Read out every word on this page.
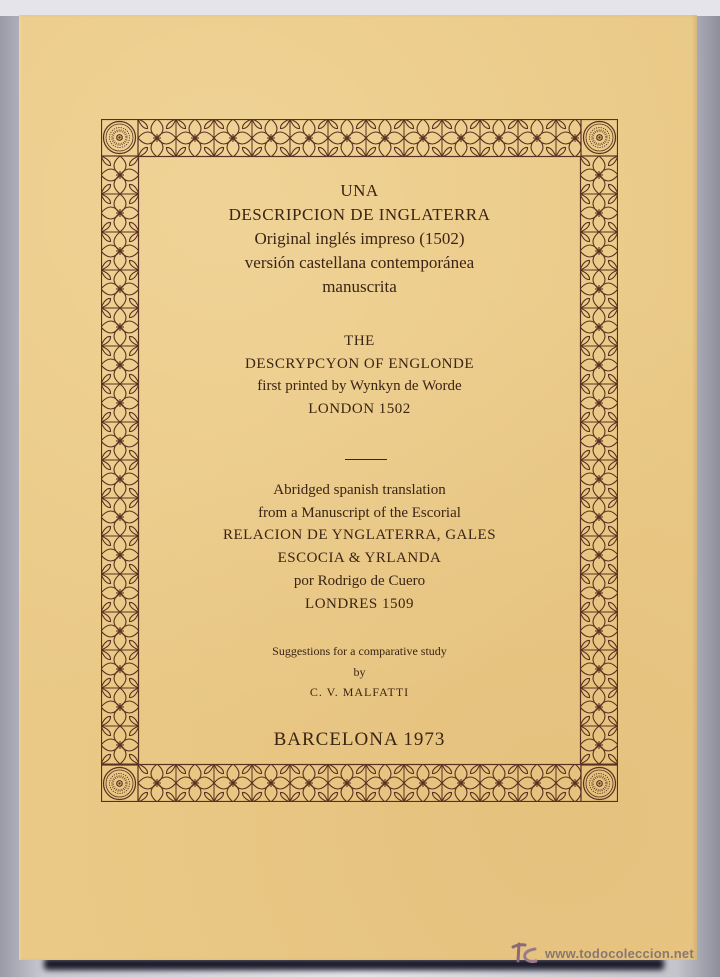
UNA
DESCRIPCION DE INGLATERRA
Original inglés impreso (1502)
versión castellana contemporánea
manuscrita
THE
DESCRYPCYON OF ENGLONDE
first printed by Wynkyn de Worde
LONDON 1502
Abridged spanish translation
from a Manuscript of the Escorial
RELACION DE YNGLATERRA, GALES
ESCOCIA & YRLANDA
por Rodrigo de Cuero
LONDRES 1509
Suggestions for a comparative study
by
C. V. MALFATTI
BARCELONA 1973
www.todocoleccion.net
